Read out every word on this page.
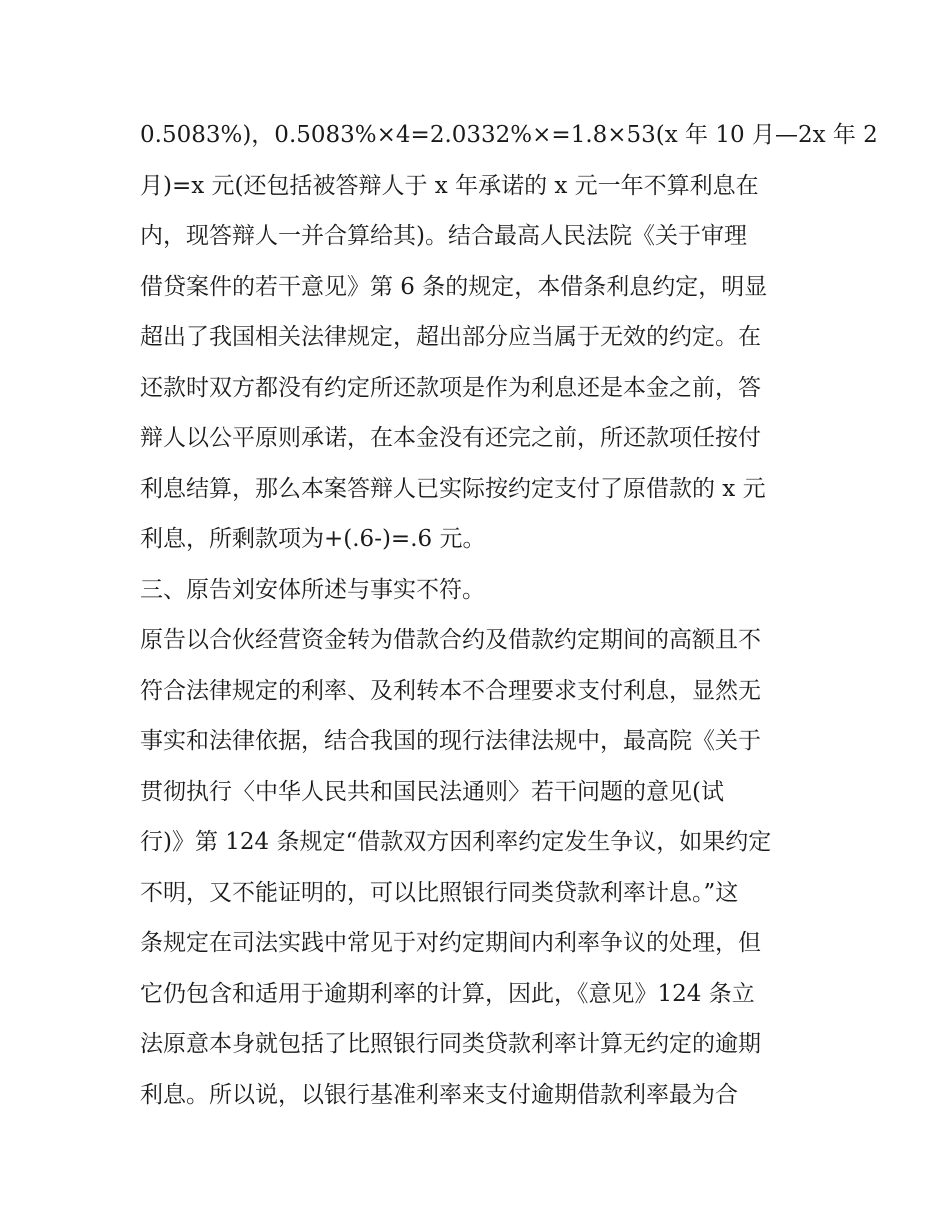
0.5083%)，0.5083%×4=2.0332%×=1.8×53(x 年 10 月—2x 年 2
月)=x 元(还包括被答辩人于 x 年承诺的 x 元一年不算利息在
内，现答辩人一并合算给其)。结合最高人民法院《关于审理
借贷案件的若干意见》第 6 条的规定，本借条利息约定，明显
超出了我国相关法律规定，超出部分应当属于无效的约定。在
还款时双方都没有约定所还款项是作为利息还是本金之前，答
辩人以公平原则承诺，在本金没有还完之前，所还款项任按付
利息结算，那么本案答辩人已实际按约定支付了原借款的 x 元
利息，所剩款项为+(.6-)=.6 元。
三、原告刘安体所述与事实不符。
原告以合伙经营资金转为借款合约及借款约定期间的高额且不
符合法律规定的利率、及利转本不合理要求支付利息，显然无
事实和法律依据，结合我国的现行法律法规中，最高院《关于
贯彻执行〈中华人民共和国民法通则〉若干问题的意见(试
行)》第 124 条规定“借款双方因利率约定发生争议，如果约定
不明，又不能证明的，可以比照银行同类贷款利率计息。”这
条规定在司法实践中常见于对约定期间内利率争议的处理，但
它仍包含和适用于逾期利率的计算，因此，《意见》124 条立
法原意本身就包括了比照银行同类贷款利率计算无约定的逾期
利息。所以说，以银行基准利率来支付逾期借款利率最为合
